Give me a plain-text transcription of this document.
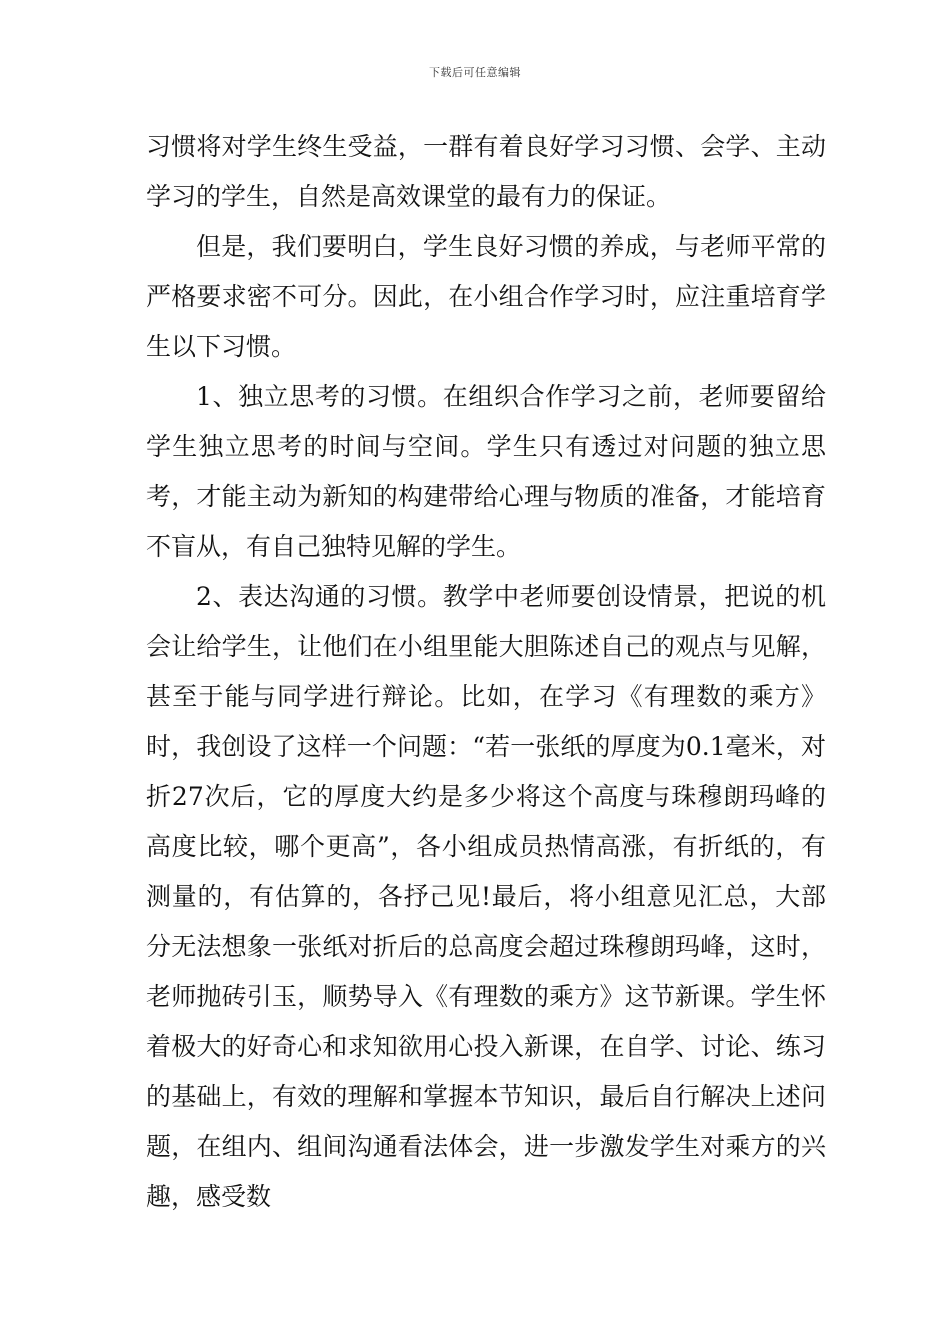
下载后可任意编辑

习惯将对学生终生受益，一群有着良好学习习惯、会学、主动学习的学生，自然是高效课堂的最有力的保证。

但是，我们要明白，学生良好习惯的养成，与老师平常的严格要求密不可分。因此，在小组合作学习时，应注重培育学生以下习惯。

1、独立思考的习惯。在组织合作学习之前，老师要留给学生独立思考的时间与空间。学生只有透过对问题的独立思考，才能主动为新知的构建带给心理与物质的准备，才能培育不盲从，有自己独特见解的学生。

2、表达沟通的习惯。教学中老师要创设情景，把说的机会让给学生，让他们在小组里能大胆陈述自己的观点与见解，甚至于能与同学进行辩论。比如，在学习《有理数的乘方》时，我创设了这样一个问题：“若一张纸的厚度为0.1毫米，对折27次后，它的厚度大约是多少将这个高度与珠穆朗玛峰的高度比较，哪个更高”，各小组成员热情高涨，有折纸的，有测量的，有估算的，各抒己见!最后，将小组意见汇总，大部分无法想象一张纸对折后的总高度会超过珠穆朗玛峰，这时，老师抛砖引玉，顺势导入《有理数的乘方》这节新课。学生怀着极大的好奇心和求知欲用心投入新课，在自学、讨论、练习的基础上，有效的理解和掌握本节知识，最后自行解决上述问题，在组内、组间沟通看法体会，进一步激发学生对乘方的兴趣，感受数
